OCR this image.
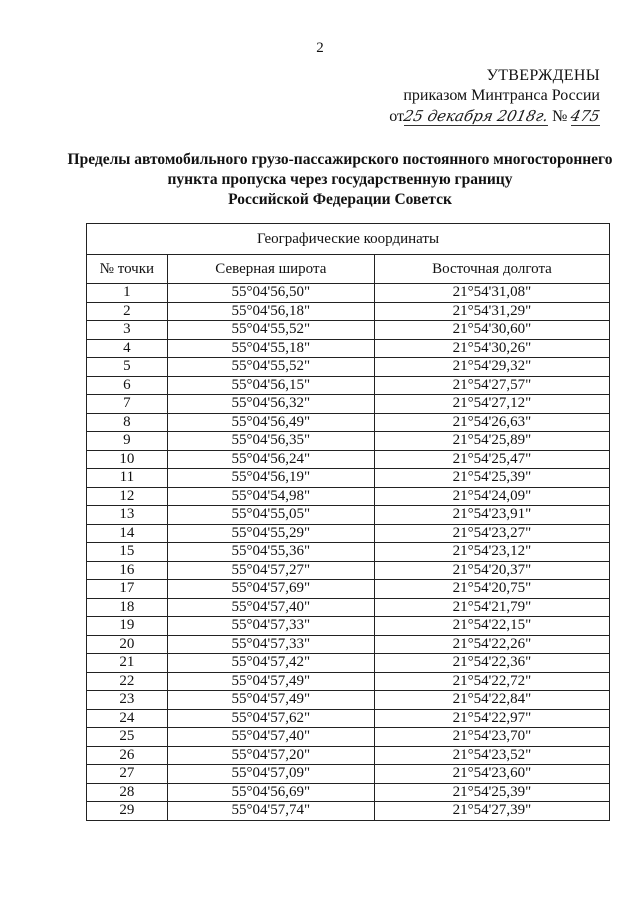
2
УТВЕРЖДЕНЫ
приказом Минтранса России
от25 декабря 2018г. № 475
Пределы автомобильного грузо-пассажирского постоянного многостороннего
пункта пропуска через государственную границу
Российской Федерации Советск
Географические координаты		
№ точки	Северная широта	Восточная долгота
1	55°04'56,50"	21°54'31,08"
2	55°04'56,18"	21°54'31,29"
3	55°04'55,52"	21°54'30,60"
4	55°04'55,18"	21°54'30,26"
5	55°04'55,52"	21°54'29,32"
6	55°04'56,15"	21°54'27,57"
7	55°04'56,32"	21°54'27,12"
8	55°04'56,49"	21°54'26,63"
9	55°04'56,35"	21°54'25,89"
10	55°04'56,24"	21°54'25,47"
11	55°04'56,19"	21°54'25,39"
12	55°04'54,98"	21°54'24,09"
13	55°04'55,05"	21°54'23,91"
14	55°04'55,29"	21°54'23,27"
15	55°04'55,36"	21°54'23,12"
16	55°04'57,27"	21°54'20,37"
17	55°04'57,69"	21°54'20,75"
18	55°04'57,40"	21°54'21,79"
19	55°04'57,33"	21°54'22,15"
20	55°04'57,33"	21°54'22,26"
21	55°04'57,42"	21°54'22,36"
22	55°04'57,49"	21°54'22,72"
23	55°04'57,49"	21°54'22,84"
24	55°04'57,62"	21°54'22,97"
25	55°04'57,40"	21°54'23,70"
26	55°04'57,20"	21°54'23,52"
27	55°04'57,09"	21°54'23,60"
28	55°04'56,69"	21°54'25,39"
29	55°04'57,74"	21°54'27,39"
